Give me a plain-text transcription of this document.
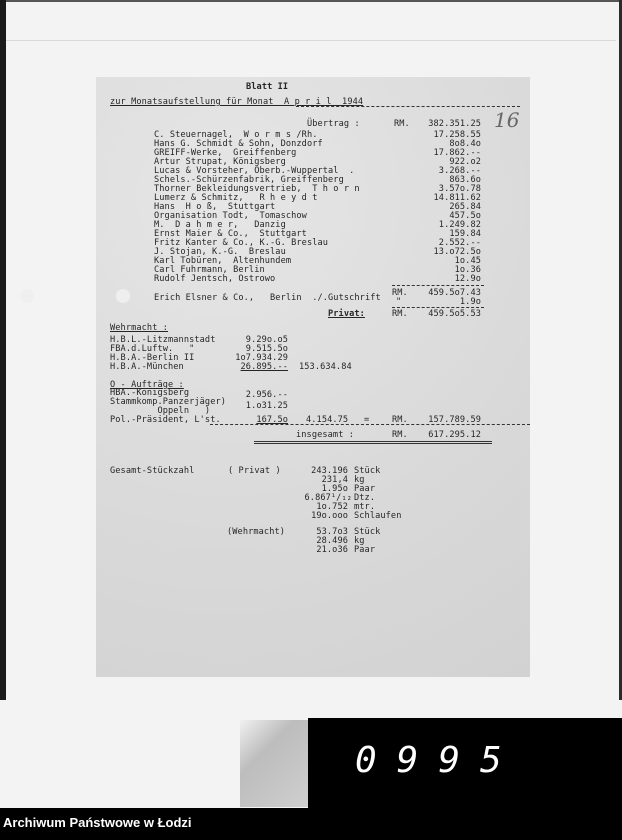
Blatt II
zur Monatsaufstellung für Monat  A p r i l  1944
16
Übertrag :	RM.	382.351.25
C. Steuernagel,  W o r m s /Rh.	17.258.55
Hans G. Schmidt & Sohn, Donzdorf	8o8.4o
GREIFF-Werke,  Greiffenberg	17.862.--
Artur Strupat, Königsberg	922.o2
Lucas & Vorsteher, Oberb.-Wuppertal  .	3.268.--
Schels.-Schürzenfabrik, Greiffenberg	863.6o
Thorner Bekleidungsvertrieb,  T h o r n	3.57o.78
Lumerz & Schmitz,   R h e y d t	14.811.62
Hans  H o ß,  Stuttgart	265.84
Organisation Todt,  Tomaschow	457.5o
M.  D a h m e r,   Danzig	1.249.82
Ernst Maier & Co.,  Stuttgart	159.84
Fritz Kanter & Co., K.-G. Breslau	2.552.--
J. Stojan, K.-G.  Breslau	13.o72.5o
Karl Tobüren,  Altenhundem	1o.45
Carl Fuhrmann, Berlin	1o.36
Rudolf Jentsch, Ostrowo	12.9o
RM.	459.5o7.43
Erich Elsner & Co.,   Berlin  ./.Gutschrift "	1.9o
Privat:	RM.	459.5o5.53
Wehrmacht :
H.B.L.-Litzmannstadt	9.29o.o5
FBA.d.Luftw.   "	9.515.5o
H.B.A.-Berlin II	1o7.934.29
H.B.A.-München	26.895.-- 153.634.84
O - Aufträge :
HBA.-Königsberg	2.956.--
Stammkomp.Panzerjäger)
Oppeln   )	1.o31.25
Pol.-Präsident, L'st.	167.5o 4.154.75 =	RM.	157.789.59
insgesamt :	RM.	617.295.12
Gesamt-Stückzahl	( Privat )	243.196 Stück
231,4 kg
1.95o Paar
6.867¹/₁₂ Dtz.
1o.752 mtr.
19o.ooo Schlaufen
(Wehrmacht)	53.7o3 Stück
28.496 kg
21.o36 Paar
0995
Archiwum Państwowe w Łodzi
